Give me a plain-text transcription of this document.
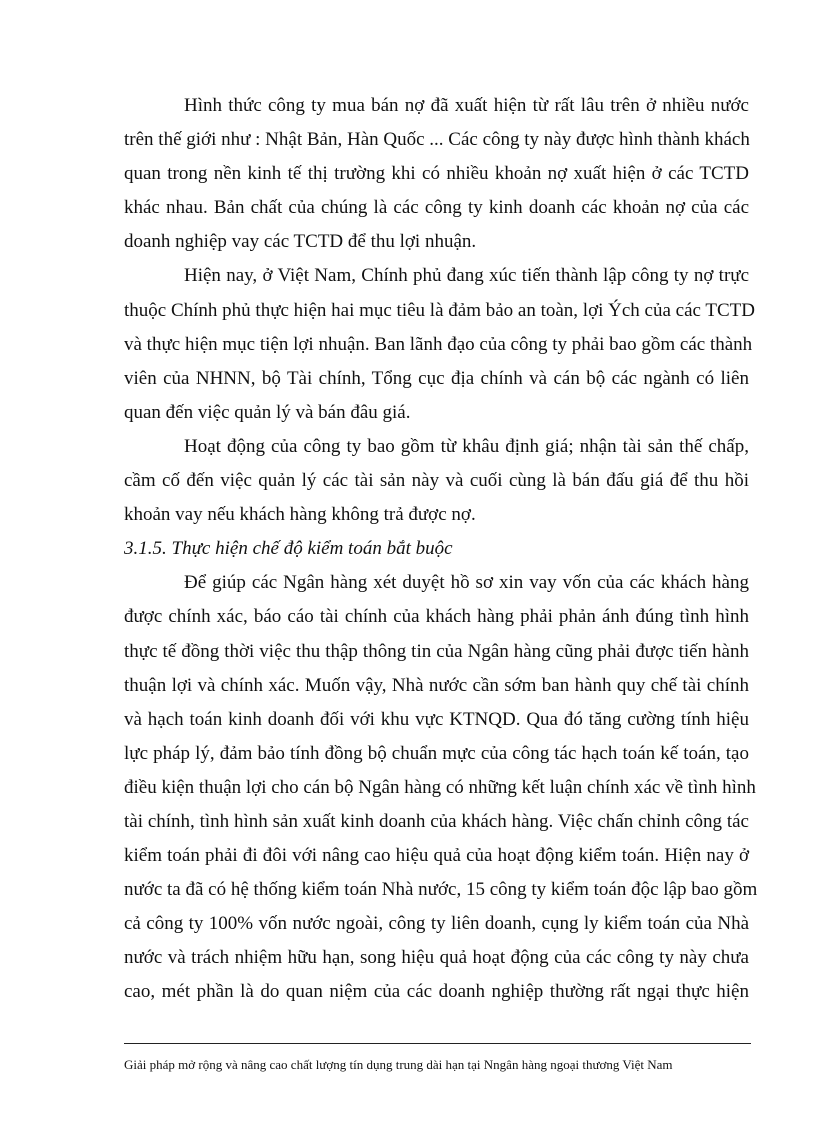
Hình thức công ty mua bán nợ đã xuất hiện từ rất lâu trên ở nhiều nước
trên thế giới như : Nhật Bản, Hàn Quốc ... Các công ty này được hình thành khách
quan trong nền kinh tế thị trường khi có nhiều khoản nợ xuất hiện ở các TCTD
khác nhau. Bản chất của chúng là các công ty kinh doanh các khoản nợ của các
doanh nghiệp vay các TCTD để thu lợi nhuận.
Hiện nay, ở Việt Nam, Chính phủ đang xúc tiến thành lập công ty nợ trực
thuộc Chính phủ thực hiện hai mục tiêu là đảm bảo an toàn, lợi Ých của các TCTD
và thực hiện mục tiện lợi nhuận. Ban lãnh đạo của công ty phải bao gồm các thành
viên của NHNN, bộ Tài chính, Tổng cục địa chính và cán bộ các ngành có liên
quan đến việc quản lý và bán đâu giá.
Hoạt động của công ty bao gồm từ khâu định giá; nhận tài sản thế chấp,
cầm cố đến việc quản lý các tài sản này và cuối cùng là bán đấu giá để thu hồi
khoản vay nếu khách hàng không trả được nợ.
3.1.5. Thực hiện chế độ kiểm toán bắt buộc
Để giúp các Ngân hàng xét duyệt hồ sơ xin vay vốn của các khách hàng
được chính xác, báo cáo tài chính của khách hàng phải phản ánh đúng tình hình
thực tế đồng thời việc thu thập thông tin của Ngân hàng cũng phải được tiến hành
thuận lợi và chính xác. Muốn vậy, Nhà nước cần sớm ban hành quy chế tài chính
và hạch toán kinh doanh đối với khu vực KTNQD. Qua đó tăng cường tính hiệu
lực pháp lý, đảm bảo tính đồng bộ chuẩn mực của công tác hạch toán kế toán, tạo
điều kiện thuận lợi cho cán bộ Ngân hàng có những kết luận chính xác về tình hình
tài chính, tình hình sản xuất kinh doanh của khách hàng. Việc chấn chỉnh công tác
kiểm toán phải đi đôi với nâng cao hiệu quả của hoạt động kiểm toán. Hiện nay ở
nước ta đã có hệ thống kiểm toán Nhà nước, 15 công ty kiểm toán độc lập bao gồm
cả công ty 100% vốn nước ngoài, công ty liên doanh, cụng ly kiểm toán của Nhà
nước và trách nhiệm hữu hạn, song hiệu quả hoạt động của các công ty này chưa
cao, mét phần là do quan niệm của các doanh nghiệp thường rất ngại thực hiện
Giải pháp mở rộng và nâng cao chất lượng tín dụng trung dài hạn tại Nngân hàng ngoại thương Việt Nam
